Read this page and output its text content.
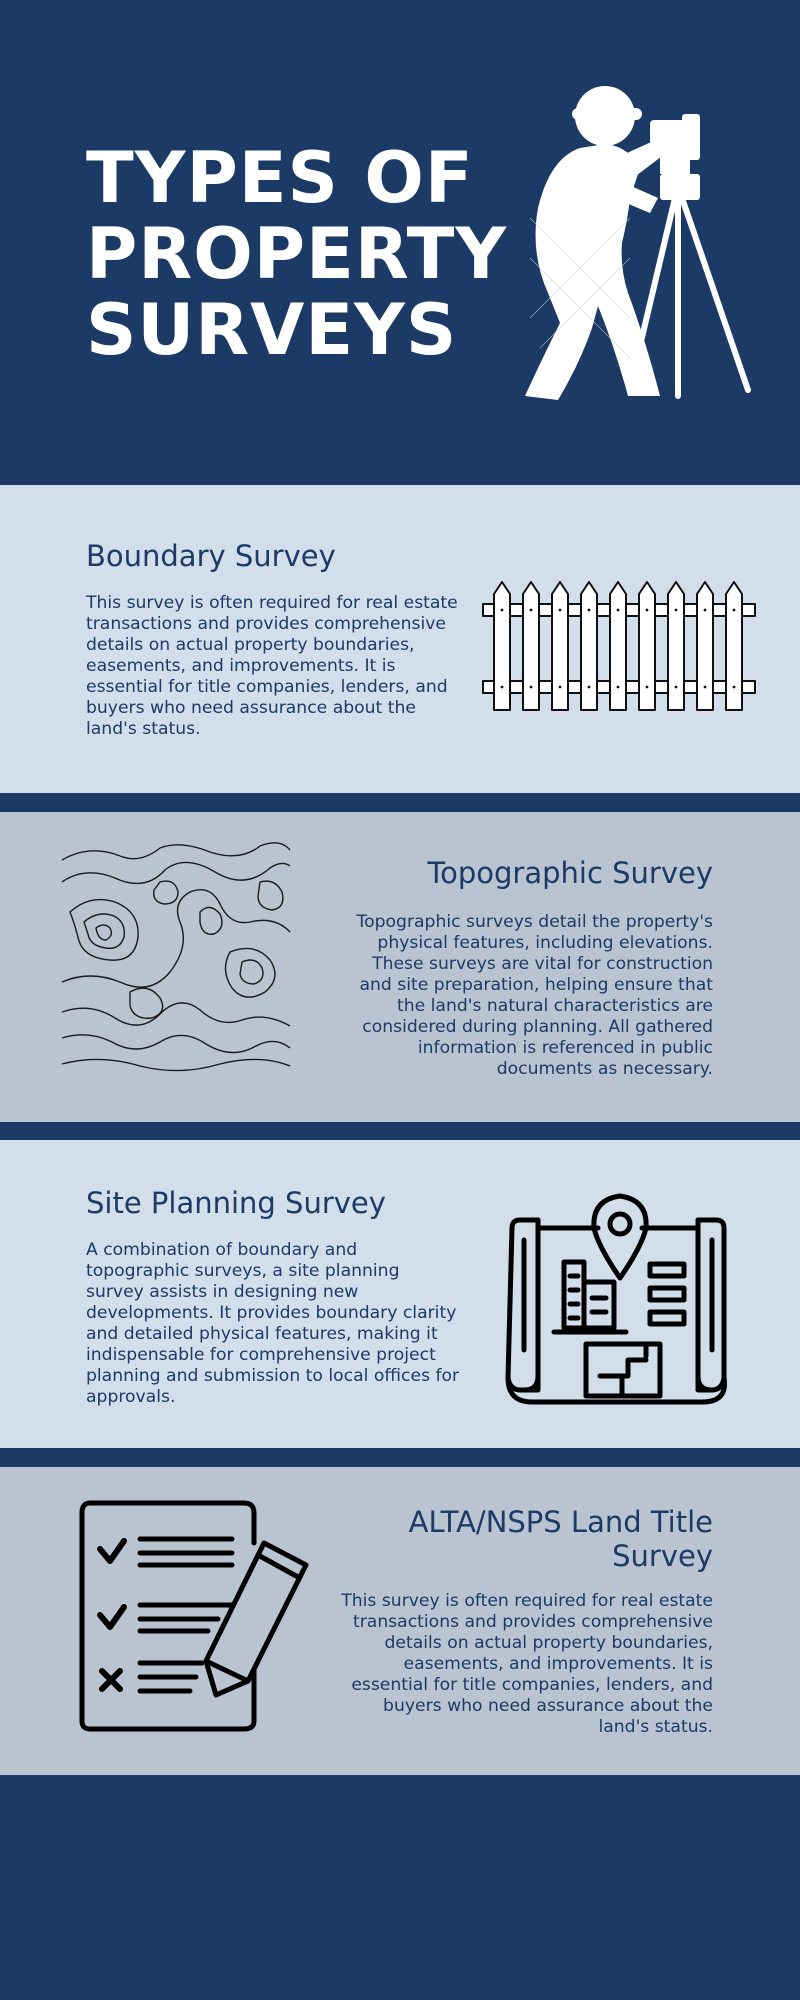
TYPES OF
PROPERTY
SURVEYS
Boundary Survey

This survey is often required for real estate transactions and provides comprehensive details on actual property boundaries, easements, and improvements. It is essential for title companies, lenders, and buyers who need assurance about the land's status.

Topographic Survey

Topographic surveys detail the property's physical features, including elevations. These surveys are vital for construction and site preparation, helping ensure that the land's natural characteristics are considered during planning. All gathered information is referenced in public documents as necessary.

Site Planning Survey

A combination of boundary and topographic surveys, a site planning survey assists in designing new developments. It provides boundary clarity and detailed physical features, making it indispensable for comprehensive project planning and submission to local offices for approvals.

ALTA/NSPS Land Title Survey

This survey is often required for real estate transactions and provides comprehensive details on actual property boundaries, easements, and improvements. It is essential for title companies, lenders, and buyers who need assurance about the land's status.
